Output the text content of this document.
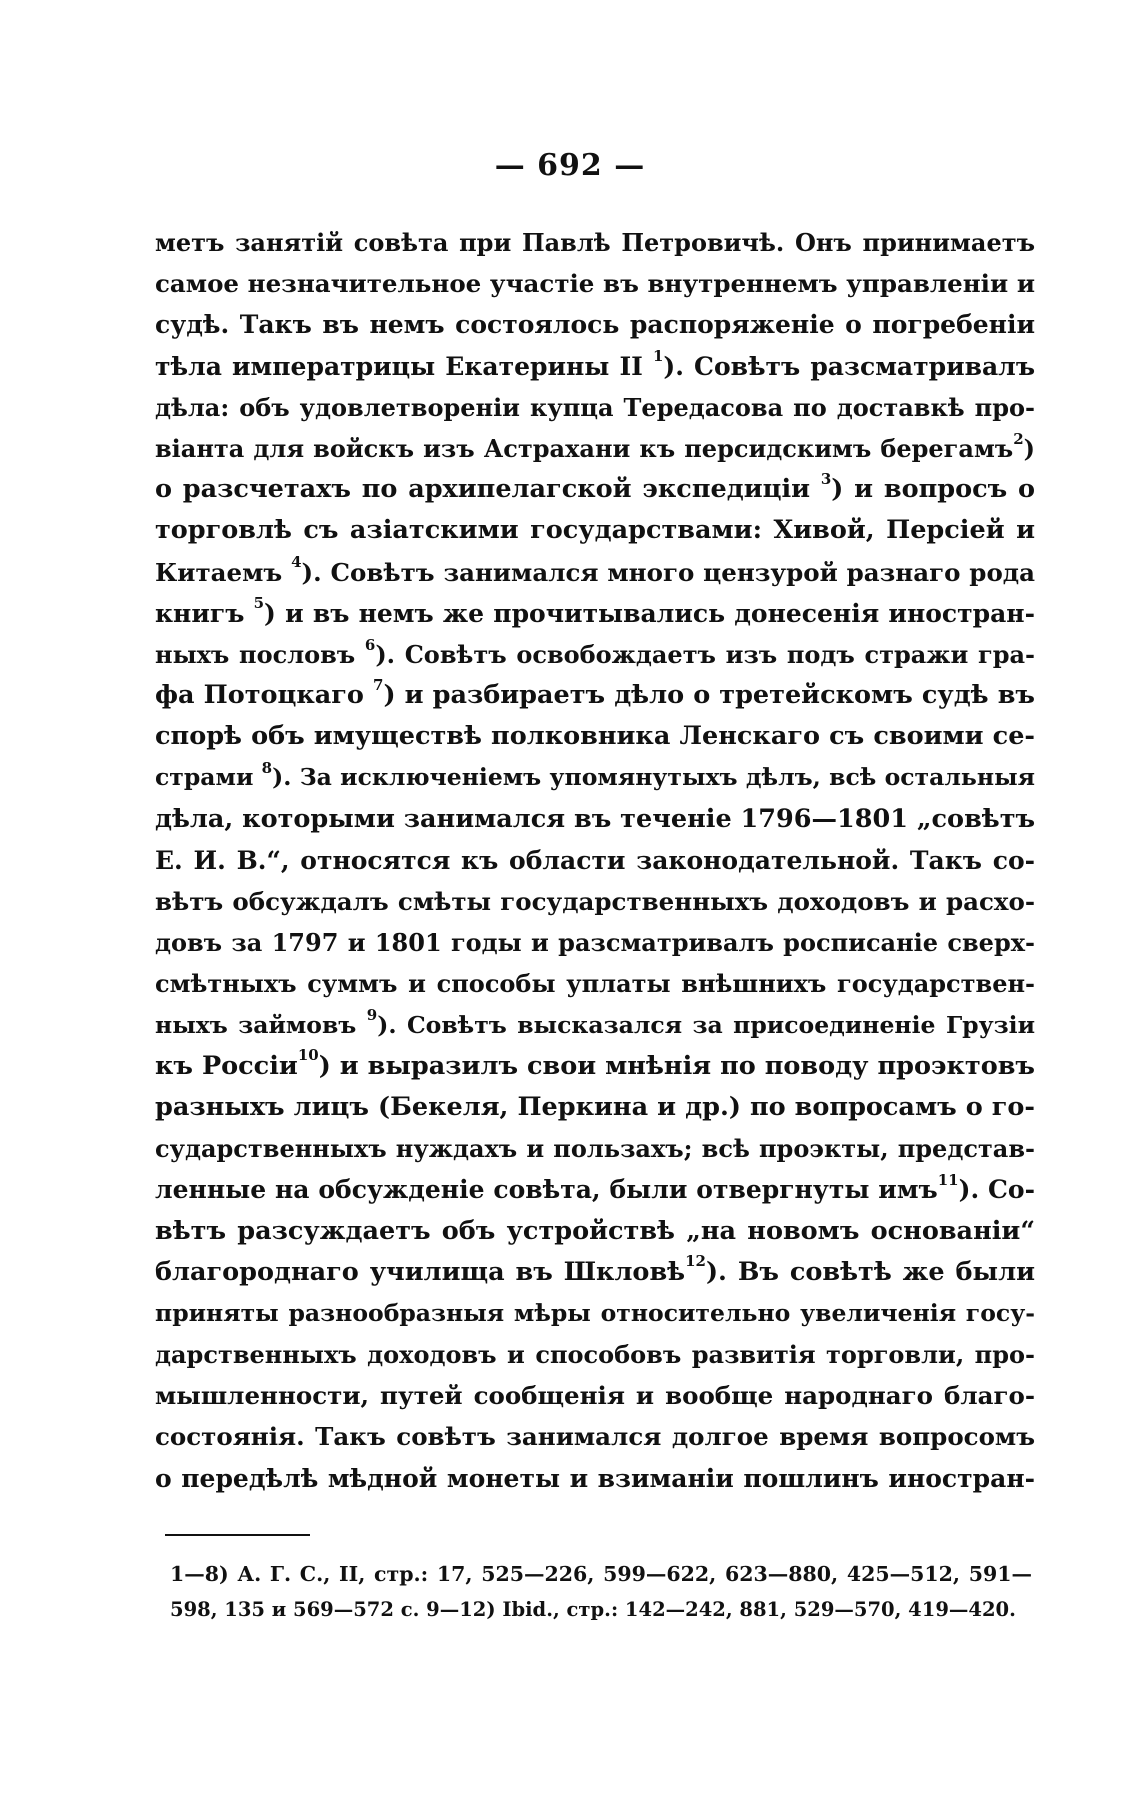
— 692 —
метъ занятій совѣта при Павлѣ Петровичѣ. Онъ принимаетъ
самое незначительное участіе въ внутреннемъ управленіи и
судѣ. Такъ въ немъ состоялось распоряженіе о погребеніи
тѣла императрицы Екатерины II $^1$). Совѣтъ разсматривалъ
дѣла: объ удовлетвореніи купца Тередасова по доставкѣ про-
віанта для войскъ изъ Астрахани къ персидскимъ берегамъ$^2$)
о разсчетахъ по архипелагской экспедиціи $^3$) и вопросъ о
торговлѣ съ азіатскими государствами: Хивой, Персіей и
Китаемъ $^4$). Совѣтъ занимался много цензурой разнаго рода
книгъ $^5$) и въ немъ же прочитывались донесенія иностран-
ныхъ пословъ $^6$). Совѣтъ освобождаетъ изъ подъ стражи гра-
фа Потоцкаго $^7$) и разбираетъ дѣло о третейскомъ судѣ въ
спорѣ объ имуществѣ полковника Ленскаго съ своими се-
страми $^8$). За исключеніемъ упомянутыхъ дѣлъ, всѣ остальныя
дѣла, которыми занимался въ теченіе 1796—1801 „совѣтъ
Е. И. В.“, относятся къ области законодательной. Такъ со-
вѣтъ обсуждалъ смѣты государственныхъ доходовъ и расхо-
довъ за 1797 и 1801 годы и разсматривалъ росписаніе сверх-
смѣтныхъ суммъ и способы уплаты внѣшнихъ государствен-
ныхъ займовъ $^9$). Совѣтъ высказался за присоединеніе Грузіи
къ Россіи$^{10}$) и выразилъ свои мнѣнія по поводу проэктовъ
разныхъ лицъ (Бекеля, Перкина и др.) по вопросамъ о го-
сударственныхъ нуждахъ и пользахъ; всѣ проэкты, представ-
ленные на обсужденіе совѣта, были отвергнуты имъ$^{11}$). Со-
вѣтъ разсуждаетъ объ устройствѣ „на новомъ основаніи“
благороднаго училища въ Шкловѣ$^{12}$). Въ совѣтѣ же были
приняты разнообразныя мѣры относительно увеличенія госу-
дарственныхъ доходовъ и способовъ развитія торговли, про-
мышленности, путей сообщенія и вообще народнаго благо-
состоянія. Такъ совѣтъ занимался долгое время вопросомъ
о передѣлѣ мѣдной монеты и взиманіи пошлинъ иностран-
1—8) А. Г. С., II, стр.: 17, 525—226, 599—622, 623—880, 425—512, 591—
598, 135 и 569—572 с. 9—12) Ibid., стр.: 142—242, 881, 529—570, 419—420.
